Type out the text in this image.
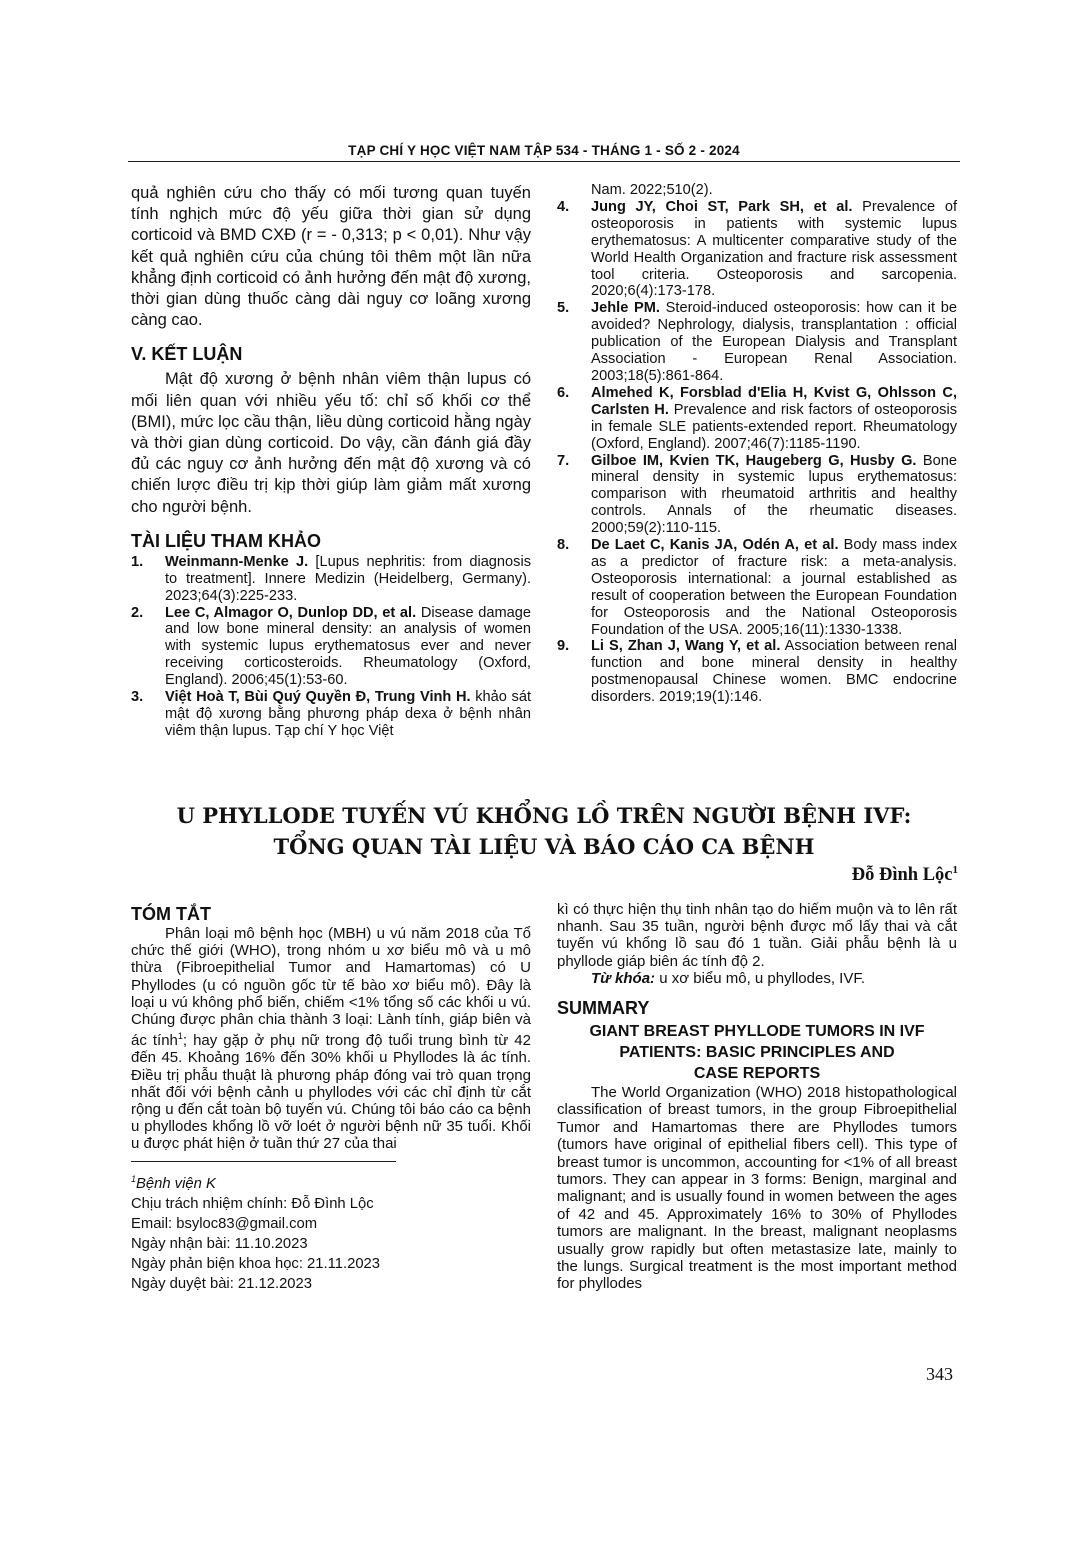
TẠP CHÍ Y HỌC VIỆT NAM TẬP 534 - THÁNG 1 - SỐ 2 - 2024
quả nghiên cứu cho thấy có mối tương quan tuyến tính nghịch mức độ yếu giữa thời gian sử dụng corticoid và BMD CXĐ (r = - 0,313; p < 0,01). Như vậy kết quả nghiên cứu của chúng tôi thêm một lần nữa khẳng định corticoid có ảnh hưởng đến mật độ xương, thời gian dùng thuốc càng dài nguy cơ loãng xương càng cao.
V. KẾT LUẬN
Mật độ xương ở bệnh nhân viêm thận lupus có mối liên quan với nhiều yếu tố: chỉ số khối cơ thể (BMI), mức lọc cầu thận, liều dùng corticoid hằng ngày và thời gian dùng corticoid. Do vậy, cần đánh giá đầy đủ các nguy cơ ảnh hưởng đến mật độ xương và có chiến lược điều trị kịp thời giúp làm giảm mất xương cho người bệnh.
TÀI LIỆU THAM KHẢO
1.	Weinmann-Menke J. [Lupus nephritis: from diagnosis to treatment]. Innere Medizin (Heidelberg, Germany). 2023;64(3):225-233.
2.	Lee C, Almagor O, Dunlop DD, et al. Disease damage and low bone mineral density: an analysis of women with systemic lupus erythematosus ever and never receiving corticosteroids. Rheumatology (Oxford, England). 2006;45(1):53-60.
3.	Việt Hoà T, Bùi Quý Quyền Đ, Trung Vinh H. khảo sát mật độ xương bằng phương pháp dexa ở bệnh nhân viêm thận lupus. Tạp chí Y học Việt
Nam. 2022;510(2).
4.	Jung JY, Choi ST, Park SH, et al. Prevalence of osteoporosis in patients with systemic lupus erythematosus: A multicenter comparative study of the World Health Organization and fracture risk assessment tool criteria. Osteoporosis and sarcopenia. 2020;6(4):173-178.
5.	Jehle PM. Steroid-induced osteoporosis: how can it be avoided? Nephrology, dialysis, transplantation : official publication of the European Dialysis and Transplant Association - European Renal Association. 2003;18(5):861-864.
6.	Almehed K, Forsblad d'Elia H, Kvist G, Ohlsson C, Carlsten H. Prevalence and risk factors of osteoporosis in female SLE patients-extended report. Rheumatology (Oxford, England). 2007;46(7):1185-1190.
7.	Gilboe IM, Kvien TK, Haugeberg G, Husby G. Bone mineral density in systemic lupus erythematosus: comparison with rheumatoid arthritis and healthy controls. Annals of the rheumatic diseases. 2000;59(2):110-115.
8.	De Laet C, Kanis JA, Odén A, et al. Body mass index as a predictor of fracture risk: a meta-analysis. Osteoporosis international: a journal established as result of cooperation between the European Foundation for Osteoporosis and the National Osteoporosis Foundation of the USA. 2005;16(11):1330-1338.
9.	Li S, Zhan J, Wang Y, et al. Association between renal function and bone mineral density in healthy postmenopausal Chinese women. BMC endocrine disorders. 2019;19(1):146.
U PHYLLODE TUYẾN VÚ KHỔNG LỒ TRÊN NGƯỜI BỆNH IVF:
TỔNG QUAN TÀI LIỆU VÀ BÁO CÁO CA BỆNH
Đỗ Đình Lộc$^1$
TÓM TẮT
Phân loại mô bệnh học (MBH) u vú năm 2018 của Tổ chức thế giới (WHO), trong nhóm u xơ biểu mô và u mô thừa (Fibroepithelial Tumor and Hamartomas) có U Phyllodes (u có nguồn gốc từ tế bào xơ biểu mô). Đây là loại u vú không phổ biến, chiếm <1% tổng số các khối u vú. Chúng được phân chia thành 3 loại: Lành tính, giáp biên và ác tính$^1$; hay gặp ở phụ nữ trong độ tuổi trung bình từ 42 đến 45. Khoảng 16% đến 30% khối u Phyllodes là ác tính. Điều trị phẫu thuật là phương pháp đóng vai trò quan trọng nhất đối với bệnh cảnh u phyllodes với các chỉ định từ cắt rộng u đến cắt toàn bộ tuyến vú. Chúng tôi báo cáo ca bệnh u phyllodes khổng lồ vỡ loét ở người bệnh nữ 35 tuổi. Khối u được phát hiện ở tuần thứ 27 của thai
kì có thực hiện thụ tinh nhân tạo do hiếm muộn và to lên rất nhanh. Sau 35 tuần, người bệnh được mổ lấy thai và cắt tuyến vú khổng lồ sau đó 1 tuần. Giải phẫu bệnh là u phyllode giáp biên ác tính độ 2.
Từ khóa: u xơ biểu mô, u phyllodes, IVF.
SUMMARY
GIANT BREAST PHYLLODE TUMORS IN IVF
PATIENTS: BASIC PRINCIPLES AND
CASE REPORTS
The World Organization (WHO) 2018 histopathological classification of breast tumors, in the group Fibroepithelial Tumor and Hamartomas there are Phyllodes tumors (tumors have original of epithelial fibers cell). This type of breast tumor is uncommon, accounting for <1% of all breast tumors. They can appear in 3 forms: Benign, marginal and malignant; and is usually found in women between the ages of 42 and 45. Approximately 16% to 30% of Phyllodes tumors are malignant. In the breast, malignant neoplasms usually grow rapidly but often metastasize late, mainly to the lungs. Surgical treatment is the most important method for phyllodes
$^1$Bệnh viện K
Chịu trách nhiệm chính: Đỗ Đình Lộc
Email: bsyloc83@gmail.com
Ngày nhận bài: 11.10.2023
Ngày phản biện khoa học: 21.11.2023
Ngày duyệt bài: 21.12.2023
343
